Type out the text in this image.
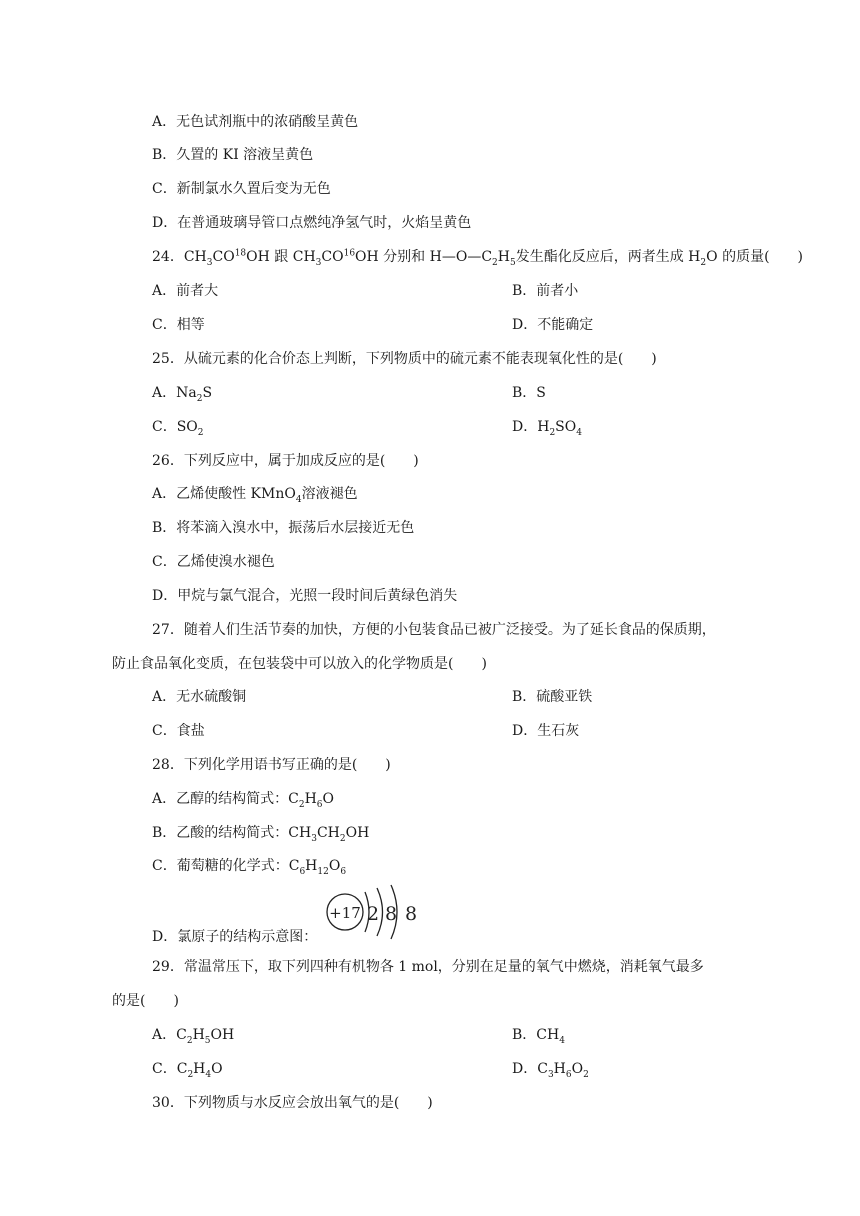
A．无色试剂瓶中的浓硝酸呈黄色
B．久置的 KI 溶液呈黄色
C．新制氯水久置后变为无色
D．在普通玻璃导管口点燃纯净氢气时，火焰呈黄色
24．$CH_3CO^{18}OH$ 跟 $CH_3CO^{16}OH$ 分别和 $H—O—C_2H_5$发生酯化反应后，两者生成 $H_2O$ 的质量(　　)
A．前者大	B．前者小
C．相等	D．不能确定
25．从硫元素的化合价态上判断，下列物质中的硫元素不能表现氧化性的是(　　)
A．$Na_2S$	B．S
C．$SO_2$	D．$H_2SO_4$
26．下列反应中，属于加成反应的是(　　)
A．乙烯使酸性 KMnO$_4$溶液褪色
B．将苯滴入溴水中，振荡后水层接近无色
C．乙烯使溴水褪色
D．甲烷与氯气混合，光照一段时间后黄绿色消失
27．随着人们生活节奏的加快，方便的小包装食品已被广泛接受。为了延长食品的保质期，
防止食品氧化变质，在包装袋中可以放入的化学物质是(　　)
A．无水硫酸铜	B．硫酸亚铁
C．食盐	D．生石灰
28．下列化学用语书写正确的是(　　)
A．乙醇的结构简式：$C_2H_6O$
B．乙酸的结构简式：$CH_3CH_2OH$
C．葡萄糖的化学式：$C_6H_{12}O_6$
D．氯原子的结构示意图：
+17 2 8 8
29．常温常压下，取下列四种有机物各 1 mol，分别在足量的氧气中燃烧，消耗氧气最多
的是(　　)
A．$C_2H_5OH$	B．$CH_4$
C．$C_2H_4O$	D．$C_3H_6O_2$
30．下列物质与水反应会放出氧气的是(　　)
